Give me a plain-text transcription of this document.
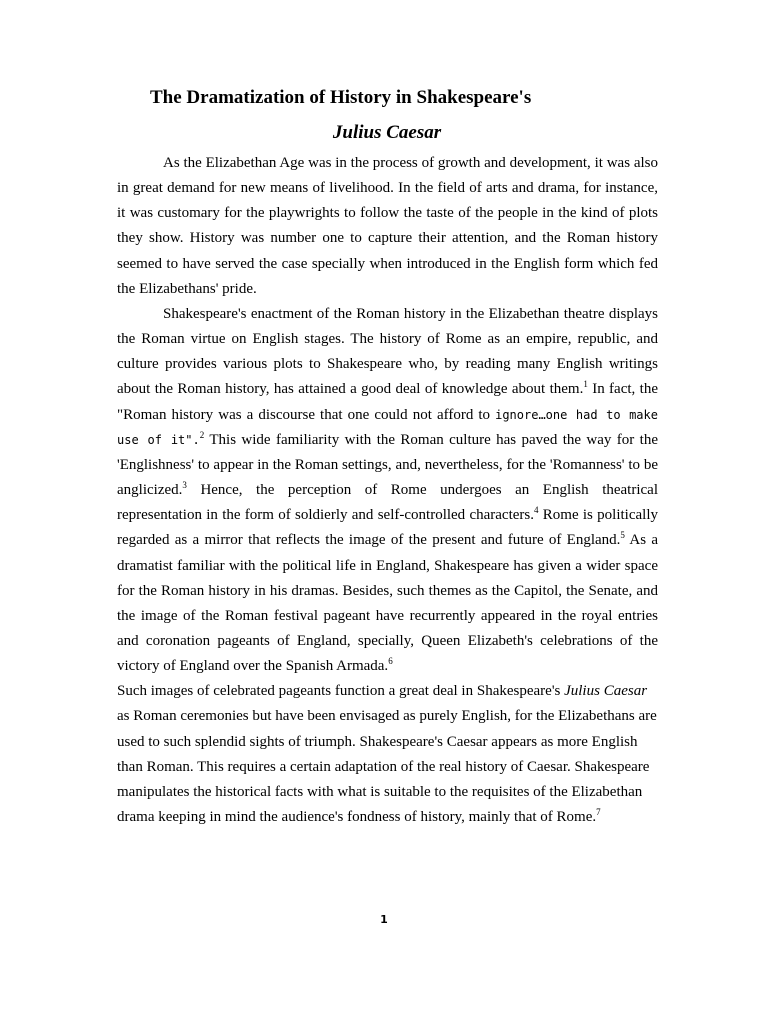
The Dramatization of History in Shakespeare's
Julius Caesar

As the Elizabethan Age was in the process of growth and development, it was also in great demand for new means of livelihood. In the field of arts and drama, for instance, it was customary for the playwrights to follow the taste of the people in the kind of plots they show. History was number one to capture their attention, and the Roman history seemed to have served the case specially when introduced in the English form which fed the Elizabethans' pride.

Shakespeare's enactment of the Roman history in the Elizabethan theatre displays the Roman virtue on English stages. The history of Rome as an empire, republic, and culture provides various plots to Shakespeare who, by reading many English writings about the Roman history, has attained a good deal of knowledge about them.$^1$ In fact, the "Roman history was a discourse that one could not afford to ignore…one had to make use of it".$^2$ This wide familiarity with the Roman culture has paved the way for the 'Englishness' to appear in the Roman settings, and, nevertheless, for the 'Romanness' to be anglicized.$^3$ Hence, the perception of Rome undergoes an English theatrical representation in the form of soldierly and self-controlled characters.$^4$ Rome is politically regarded as a mirror that reflects the image of the present and future of England.$^5$ As a dramatist familiar with the political life in England, Shakespeare has given a wider space for the Roman history in his dramas. Besides, such themes as the Capitol, the Senate, and the image of the Roman festival pageant have recurrently appeared in the royal entries and coronation pageants of England, specially, Queen Elizabeth's celebrations of the victory of England over the Spanish Armada.$^6$

Such images of celebrated pageants function a great deal in Shakespeare's Julius Caesar as Roman ceremonies but have been envisaged as purely English, for the Elizabethans are used to such splendid sights of triumph. Shakespeare's Caesar appears as more English than Roman. This requires a certain adaptation of the real history of Caesar. Shakespeare manipulates the historical facts with what is suitable to the requisites of the Elizabethan drama keeping in mind the audience's fondness of history, mainly that of Rome.$^7$

1
